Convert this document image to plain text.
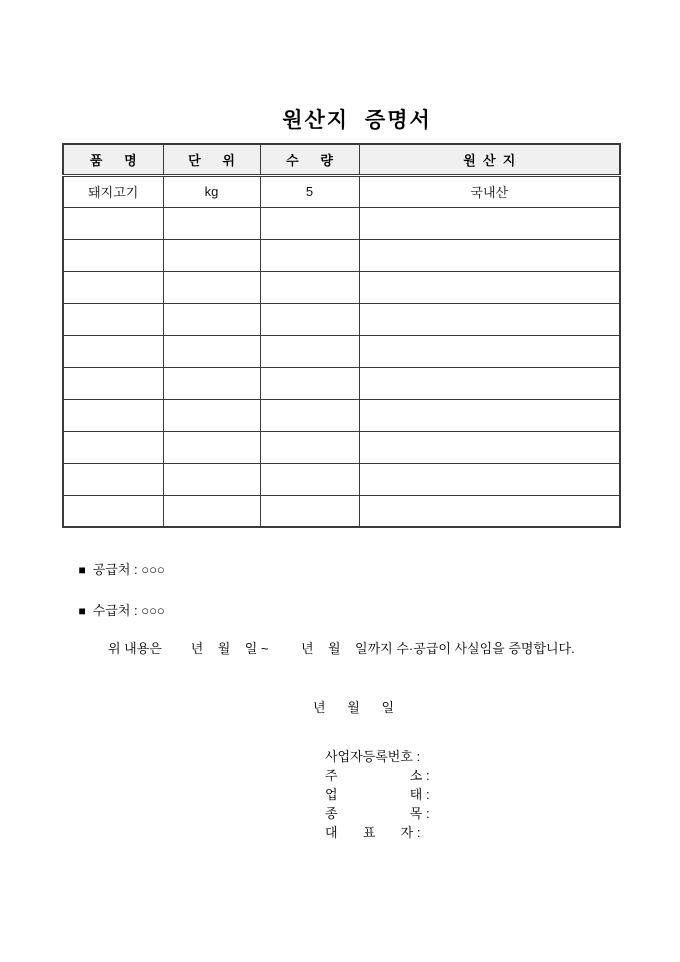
원산지 증명서
품      명	단      위	수      량	원  산  지
돼지고기	kg	5	국내산

■ 공급처 : ○○○

■ 수급처 : ○○○

위 내용은        년    월    일 ~         년    월    일까지 수·공급이 사실임을 증명합니다.
년      월      일
사업자등록번호 :
주                    소 :
업                    태 :
종                    목 :
대       표       자 :
